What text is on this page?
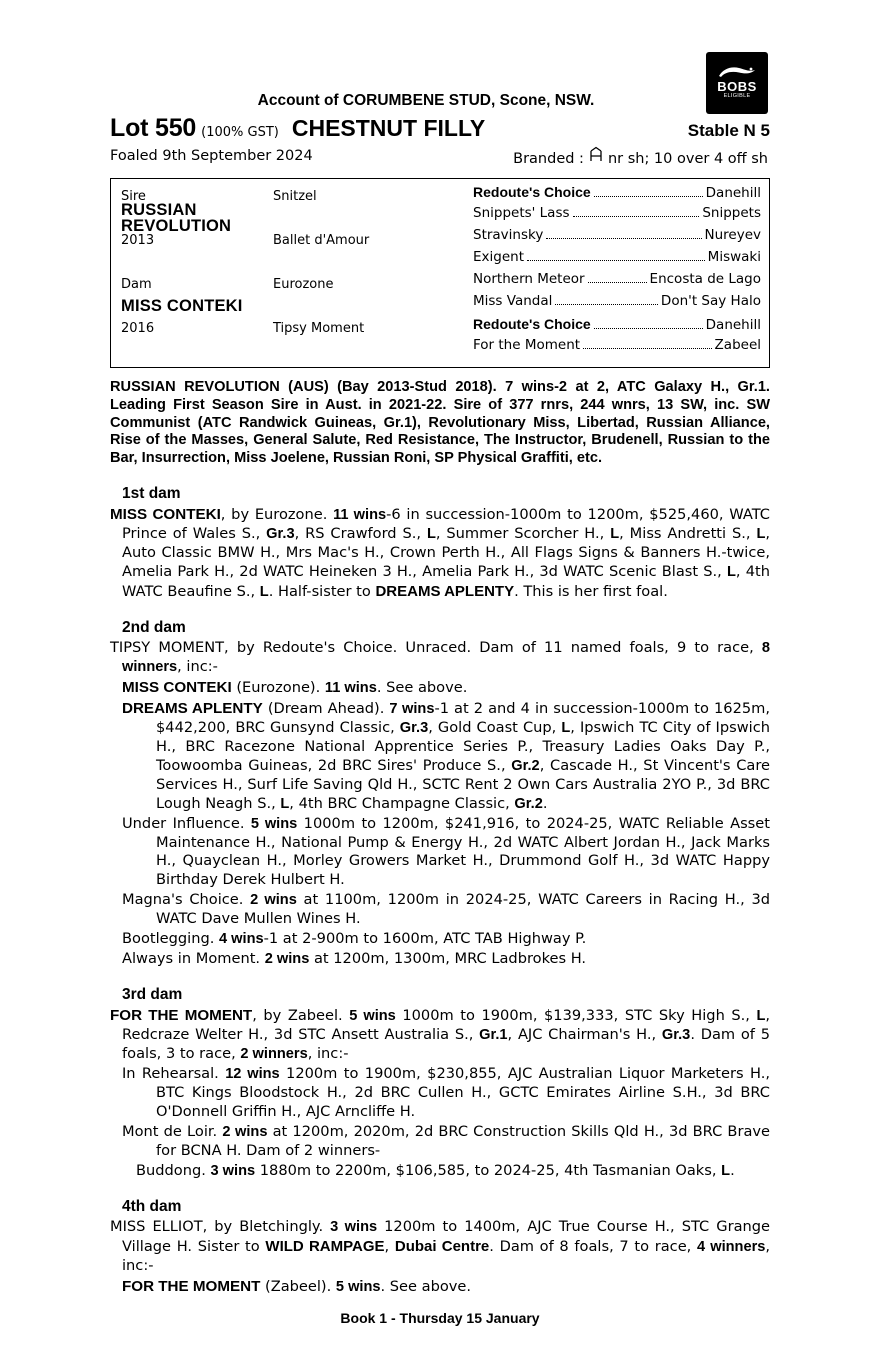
BOBS
ELIGIBLE
Account of CORUMBENE STUD, Scone, NSW.
Lot 550 (100% GST) CHESTNUT FILLY	Stable N 5
Foaled 9th September 2024	Branded : nr sh; 10 over 4 off sh
Sire	Snitzel
RUSSIAN REVOLUTION
2013	Ballet d'Amour
Dam	Eurozone
MISS CONTEKI
2016	Tipsy Moment
Redoute's Choice	Danehill
Snippets' Lass	Snippets
Stravinsky	Nureyev
Exigent	Miswaki
Northern Meteor	Encosta de Lago
Miss Vandal	Don't Say Halo
Redoute's Choice	Danehill
For the Moment	Zabeel
RUSSIAN REVOLUTION (AUS) (Bay 2013-Stud 2018). 7 wins-2 at 2, ATC Galaxy H., Gr.1. Leading First Season Sire in Aust. in 2021-22. Sire of 377 rnrs, 244 wnrs, 13 SW, inc. SW Communist (ATC Randwick Guineas, Gr.1), Revolutionary Miss, Libertad, Russian Alliance, Rise of the Masses, General Salute, Red Resistance, The Instructor, Brudenell, Russian to the Bar, Insurrection, Miss Joelene, Russian Roni, SP Physical Graffiti, etc.
1st dam
MISS CONTEKI, by Eurozone. 11 wins-6 in succession-1000m to 1200m, $525,460, WATC Prince of Wales S., Gr.3, RS Crawford S., L, Summer Scorcher H., L, Miss Andretti S., L, Auto Classic BMW H., Mrs Mac's H., Crown Perth H., All Flags Signs & Banners H.-twice, Amelia Park H., 2d WATC Heineken 3 H., Amelia Park H., 3d WATC Scenic Blast S., L, 4th WATC Beaufine S., L. Half-sister to DREAMS APLENTY. This is her first foal.
2nd dam
TIPSY MOMENT, by Redoute's Choice. Unraced. Dam of 11 named foals, 9 to race, 8 winners, inc:-
MISS CONTEKI (Eurozone). 11 wins. See above.
DREAMS APLENTY (Dream Ahead). 7 wins-1 at 2 and 4 in succession-1000m to 1625m, $442,200, BRC Gunsynd Classic, Gr.3, Gold Coast Cup, L, Ipswich TC City of Ipswich H., BRC Racezone National Apprentice Series P., Treasury Ladies Oaks Day P., Toowoomba Guineas, 2d BRC Sires' Produce S., Gr.2, Cascade H., St Vincent's Care Services H., Surf Life Saving Qld H., SCTC Rent 2 Own Cars Australia 2YO P., 3d BRC Lough Neagh S., L, 4th BRC Champagne Classic, Gr.2.
Under Influence. 5 wins 1000m to 1200m, $241,916, to 2024-25, WATC Reliable Asset Maintenance H., National Pump & Energy H., 2d WATC Albert Jordan H., Jack Marks H., Quayclean H., Morley Growers Market H., Drummond Golf H., 3d WATC Happy Birthday Derek Hulbert H.
Magna's Choice. 2 wins at 1100m, 1200m in 2024-25, WATC Careers in Racing H., 3d WATC Dave Mullen Wines H.
Bootlegging. 4 wins-1 at 2-900m to 1600m, ATC TAB Highway P.
Always in Moment. 2 wins at 1200m, 1300m, MRC Ladbrokes H.
3rd dam
FOR THE MOMENT, by Zabeel. 5 wins 1000m to 1900m, $139,333, STC Sky High S., L, Redcraze Welter H., 3d STC Ansett Australia S., Gr.1, AJC Chairman's H., Gr.3. Dam of 5 foals, 3 to race, 2 winners, inc:-
In Rehearsal. 12 wins 1200m to 1900m, $230,855, AJC Australian Liquor Marketers H., BTC Kings Bloodstock H., 2d BRC Cullen H., GCTC Emirates Airline S.H., 3d BRC O'Donnell Griffin H., AJC Arncliffe H.
Mont de Loir. 2 wins at 1200m, 2020m, 2d BRC Construction Skills Qld H., 3d BRC Brave for BCNA H. Dam of 2 winners-
Buddong. 3 wins 1880m to 2200m, $106,585, to 2024-25, 4th Tasmanian Oaks, L.
4th dam
MISS ELLIOT, by Bletchingly. 3 wins 1200m to 1400m, AJC True Course H., STC Grange Village H. Sister to WILD RAMPAGE, Dubai Centre. Dam of 8 foals, 7 to race, 4 winners, inc:-
FOR THE MOMENT (Zabeel). 5 wins. See above.
Book 1 - Thursday 15 January
